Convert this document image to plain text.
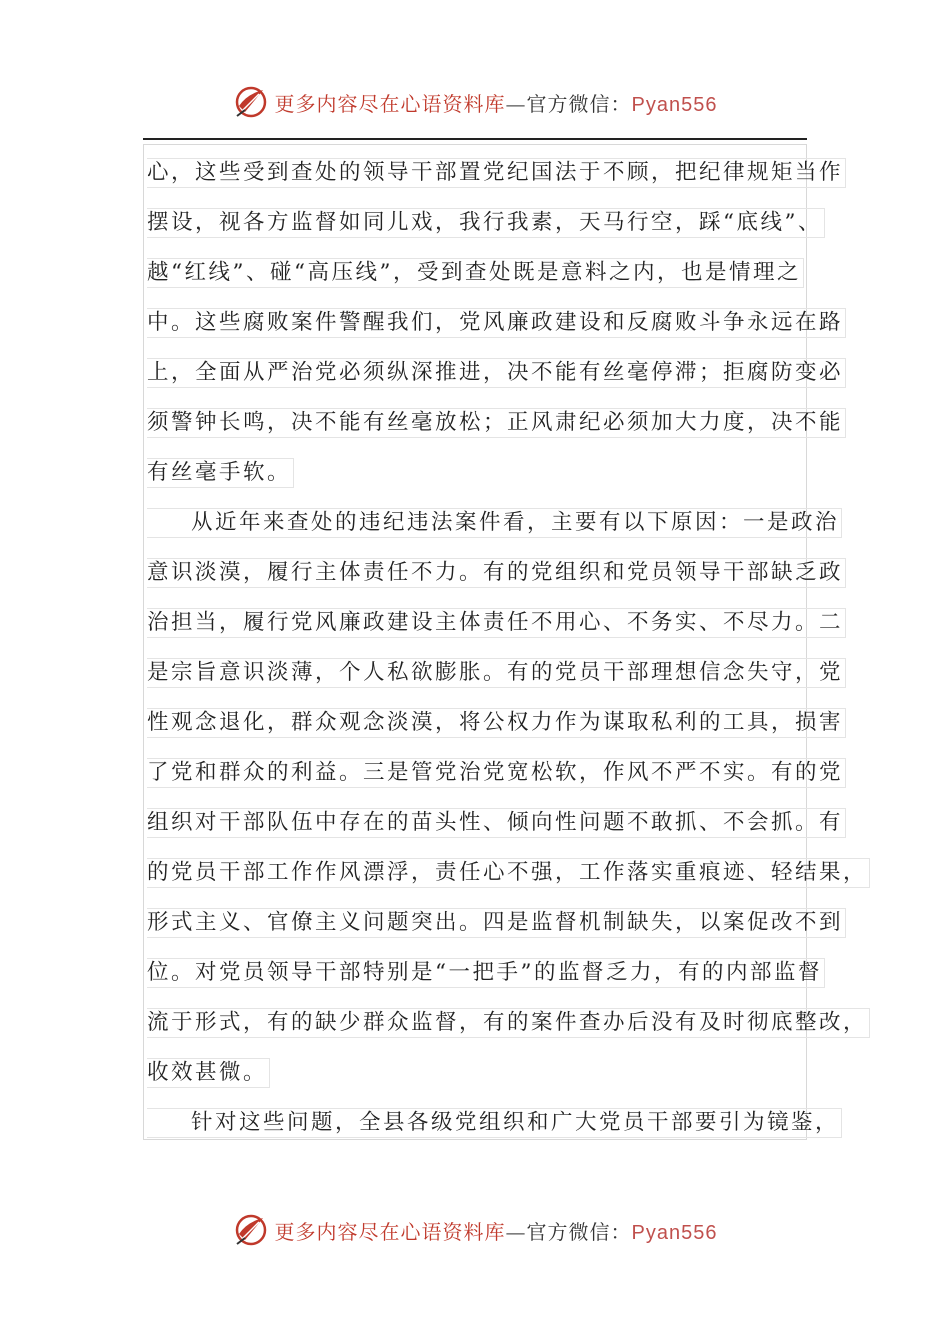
更多内容尽在心语资料库—官方微信：Pyan556
心，这些受到查处的领导干部置党纪国法于不顾，把纪律规矩当作
摆设，视各方监督如同儿戏，我行我素，天马行空，踩“底线”、
越“红线”、碰“高压线”，受到查处既是意料之内，也是情理之
中。这些腐败案件警醒我们，党风廉政建设和反腐败斗争永远在路
上，全面从严治党必须纵深推进，决不能有丝毫停滞；拒腐防变必
须警钟长鸣，决不能有丝毫放松；正风肃纪必须加大力度，决不能
有丝毫手软。
从近年来查处的违纪违法案件看，主要有以下原因：一是政治
意识淡漠，履行主体责任不力。有的党组织和党员领导干部缺乏政
治担当，履行党风廉政建设主体责任不用心、不务实、不尽力。二
是宗旨意识淡薄，个人私欲膨胀。有的党员干部理想信念失守，党
性观念退化，群众观念淡漠，将公权力作为谋取私利的工具，损害
了党和群众的利益。三是管党治党宽松软，作风不严不实。有的党
组织对干部队伍中存在的苗头性、倾向性问题不敢抓、不会抓。有
的党员干部工作作风漂浮，责任心不强，工作落实重痕迹、轻结果，
形式主义、官僚主义问题突出。四是监督机制缺失，以案促改不到
位。对党员领导干部特别是“一把手”的监督乏力，有的内部监督
流于形式，有的缺少群众监督，有的案件查办后没有及时彻底整改，
收效甚微。
针对这些问题，全县各级党组织和广大党员干部要引为镜鉴，
更多内容尽在心语资料库—官方微信：Pyan556
